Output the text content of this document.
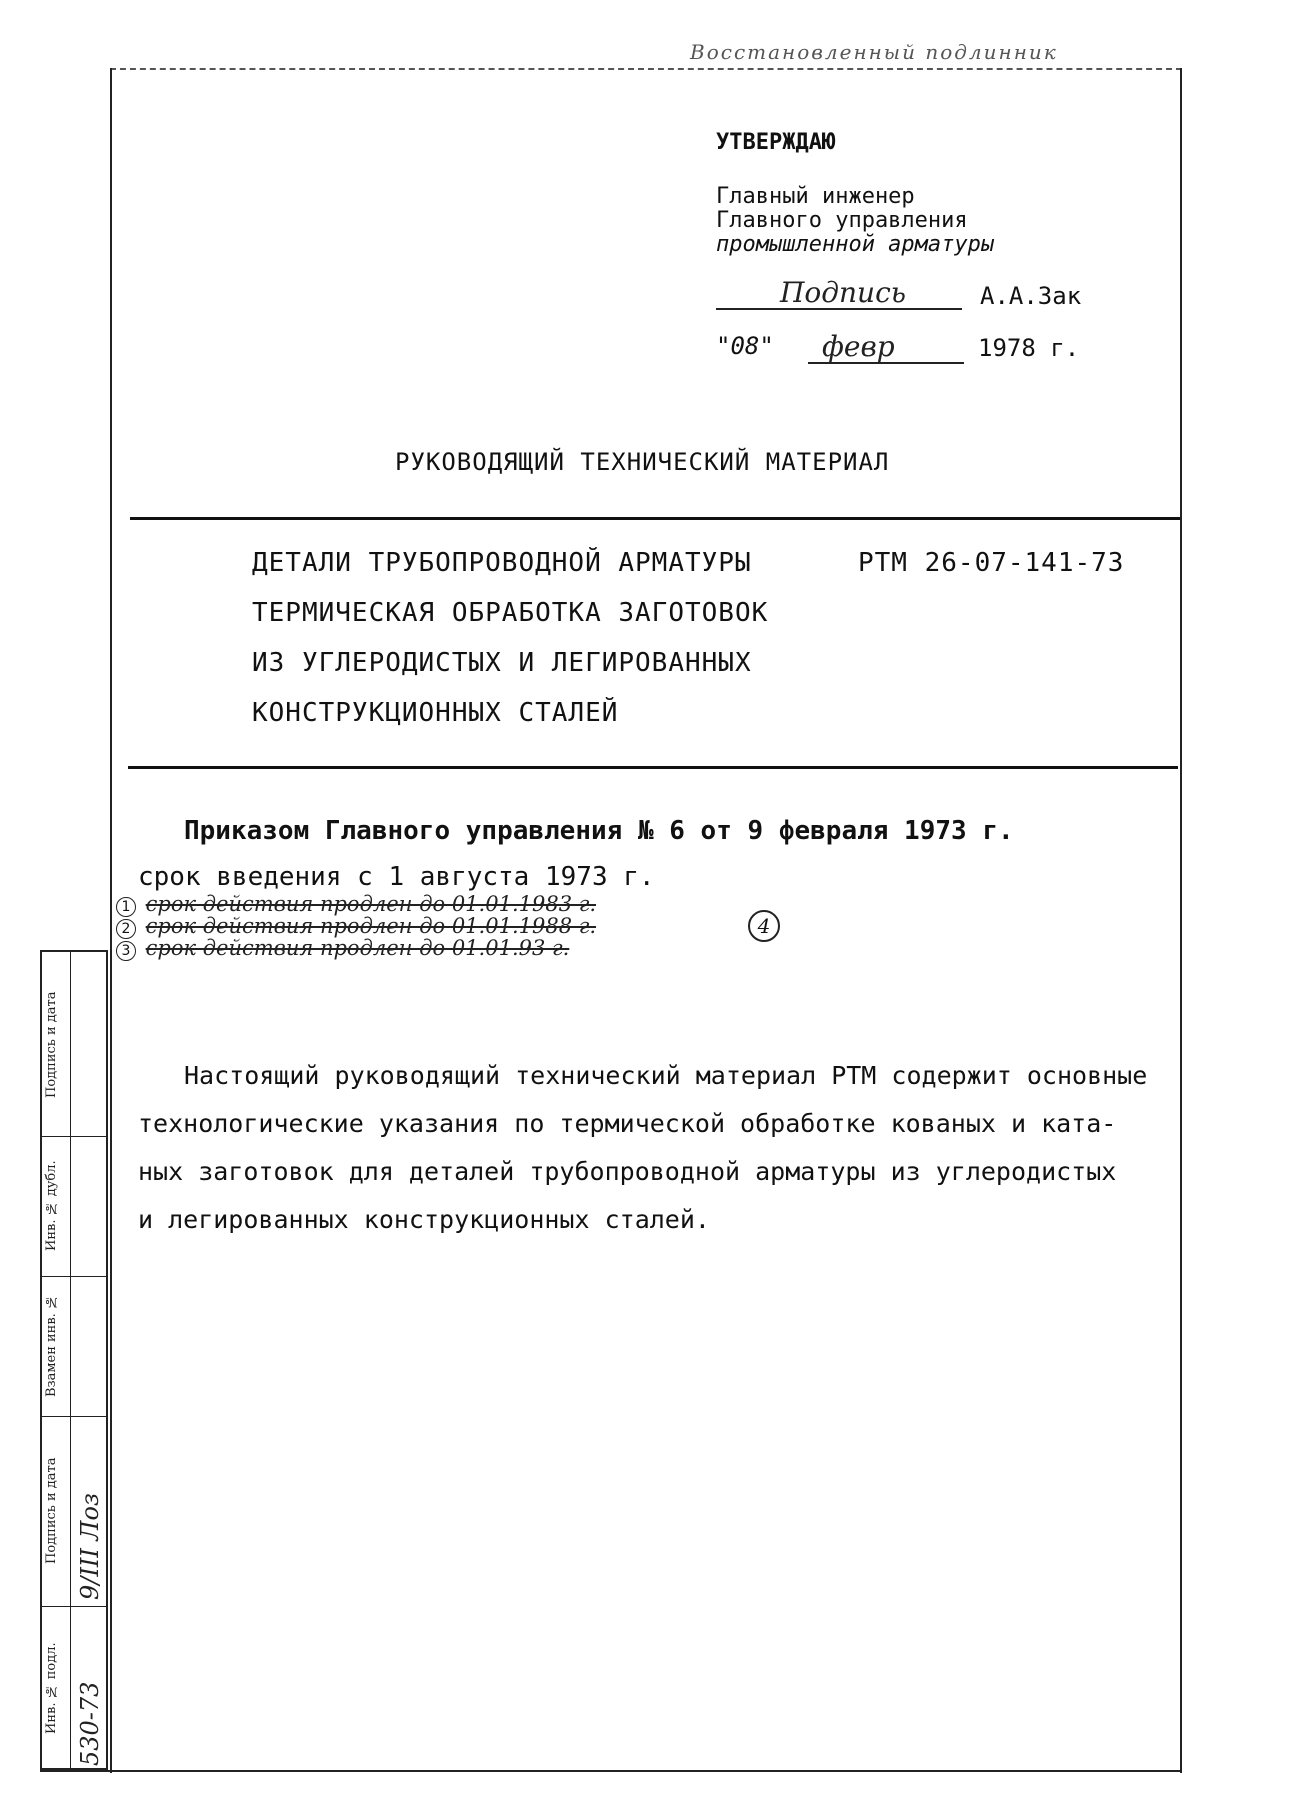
Восстановленный подлинник
УТВЕРЖДАЮ
Главный инженер
Главного управления
промышленной арматуры
Подпись	А.А.Зак
"08" февр	1978 г.
РУКОВОДЯЩИЙ ТЕХНИЧЕСКИЙ МАТЕРИАЛ
ДЕТАЛИ ТРУБОПРОВОДНОЙ АРМАТУРЫ
ТЕРМИЧЕСКАЯ ОБРАБОТКА ЗАГОТОВОК
ИЗ УГЛЕРОДИСТЫХ И ЛЕГИРОВАННЫХ
КОНСТРУКЦИОННЫХ СТАЛЕЙ
РТМ 26-07-141-73
Приказом Главного управления № 6 от 9 февраля 1973 г.
срок введения с 1 августа 1973 г.
1 срок действия продлен до 01.01.1983 г.
2 срок действия продлен до 01.01.1988 г.
3 срок действия продлен до 01.01.93 г.
4
Настоящий руководящий технический материал РТМ содержит основные
технологические указания по термической обработке кованых и ката-
ных заготовок для деталей трубопроводной арматуры из углеродистых
и легированных конструкционных сталей.
Подпись и дата
Инв. № дубл.
Взамен инв. №
Подпись и дата
Инв. № подл.
9/III Лоз
530-73
